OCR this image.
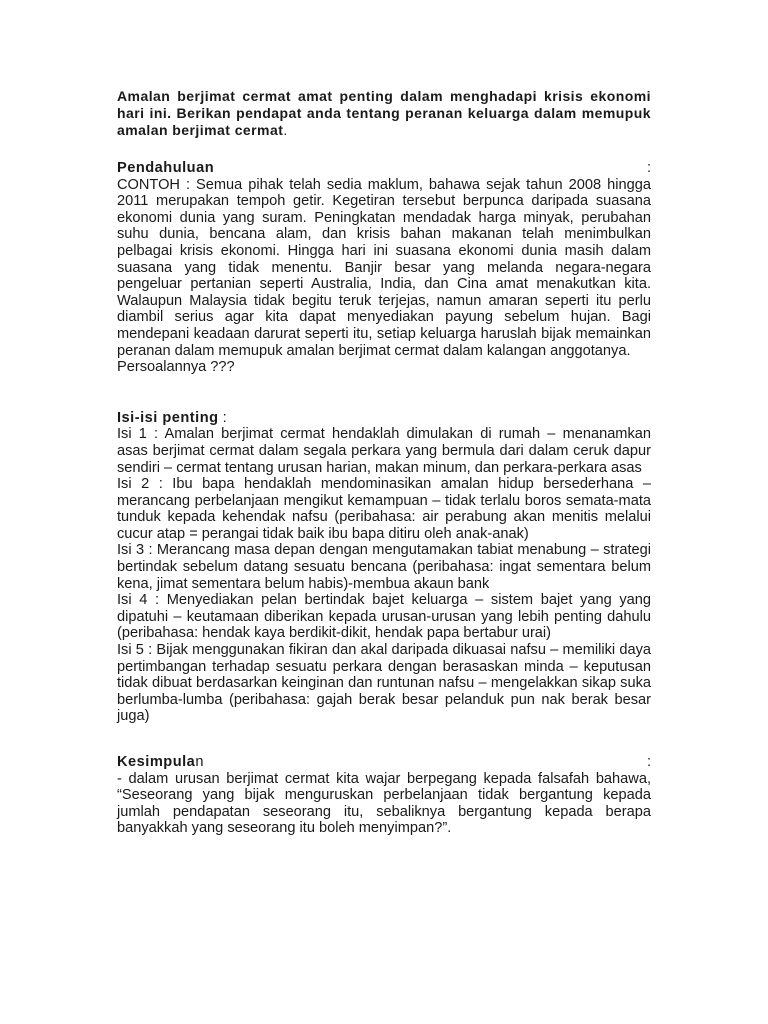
Amalan berjimat cermat amat penting dalam menghadapi krisis ekonomi hari ini. Berikan pendapat anda tentang peranan keluarga dalam memupuk amalan berjimat cermat.

Pendahuluan	:

CONTOH : Semua pihak telah sedia maklum, bahawa sejak tahun 2008 hingga 2011 merupakan tempoh getir. Kegetiran tersebut berpunca daripada suasana ekonomi dunia yang suram. Peningkatan mendadak harga minyak, perubahan suhu dunia, bencana alam, dan krisis bahan makanan telah menimbulkan pelbagai krisis ekonomi. Hingga hari ini suasana ekonomi dunia masih dalam suasana yang tidak menentu. Banjir besar yang melanda negara-negara pengeluar pertanian seperti Australia, India, dan Cina amat menakutkan kita. Walaupun Malaysia tidak begitu teruk terjejas, namun amaran seperti itu perlu diambil serius agar kita dapat menyediakan payung sebelum hujan. Bagi mendepani keadaan darurat seperti itu, setiap keluarga haruslah bijak memainkan peranan dalam memupuk amalan berjimat cermat dalam kalangan anggotanya.

Persoalannya ???

Isi-isi penting :

Isi 1 : Amalan berjimat cermat hendaklah dimulakan di rumah – menanamkan asas berjimat cermat dalam segala perkara yang bermula dari dalam ceruk dapur sendiri – cermat tentang urusan harian, makan minum, dan perkara-perkara asas

Isi 2 : Ibu bapa hendaklah mendominasikan amalan hidup bersederhana – merancang perbelanjaan mengikut kemampuan – tidak terlalu boros semata-mata tunduk kepada kehendak nafsu (peribahasa: air perabung akan menitis melalui cucur atap = perangai tidak baik ibu bapa ditiru oleh anak-anak)

Isi 3 : Merancang masa depan dengan mengutamakan tabiat menabung – strategi bertindak sebelum datang sesuatu bencana (peribahasa: ingat sementara belum kena, jimat sementara belum habis)-membua akaun bank

Isi 4 : Menyediakan pelan bertindak bajet keluarga – sistem bajet yang yang dipatuhi – keutamaan diberikan kepada urusan-urusan yang lebih penting dahulu (peribahasa: hendak kaya berdikit-dikit, hendak papa bertabur urai)

Isi 5 : Bijak menggunakan fikiran dan akal daripada dikuasai nafsu – memiliki daya pertimbangan terhadap sesuatu perkara dengan berasaskan minda – keputusan tidak dibuat berdasarkan keinginan dan runtunan nafsu – mengelakkan sikap suka berlumba-lumba (peribahasa: gajah berak besar pelanduk pun nak berak besar juga)

Kesimpulan	:

- dalam urusan berjimat cermat kita wajar berpegang kepada falsafah bahawa, “Seseorang yang bijak menguruskan perbelanjaan tidak bergantung kepada jumlah pendapatan seseorang itu, sebaliknya bergantung kepada berapa banyakkah yang seseorang itu boleh menyimpan?”.
